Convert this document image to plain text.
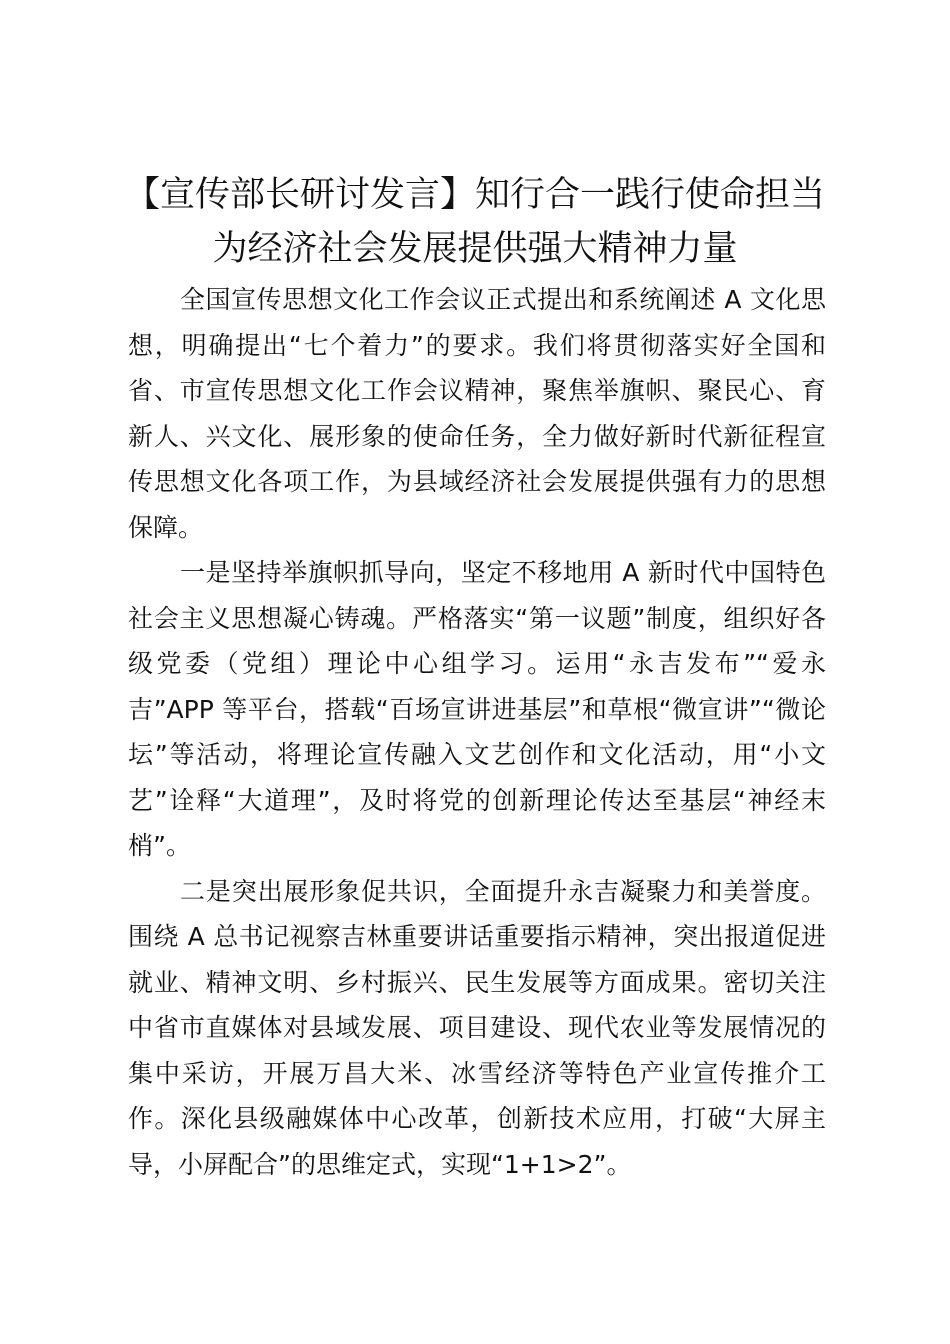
【宣传部长研讨发言】知行合一践行使命担当
为经济社会发展提供强大精神力量

全国宣传思想文化工作会议正式提出和系统阐述 A 文化思想，明确提出“七个着力”的要求。我们将贯彻落实好全国和省、市宣传思想文化工作会议精神，聚焦举旗帜、聚民心、育新人、兴文化、展形象的使命任务，全力做好新时代新征程宣传思想文化各项工作，为县域经济社会发展提供强有力的思想保障。

一是坚持举旗帜抓导向，坚定不移地用 A 新时代中国特色社会主义思想凝心铸魂。严格落实“第一议题”制度，组织好各级党委（党组）理论中心组学习。运用“永吉发布”“爱永吉”APP 等平台，搭载“百场宣讲进基层”和草根“微宣讲”“微论坛”等活动，将理论宣传融入文艺创作和文化活动，用“小文艺”诠释“大道理”，及时将党的创新理论传达至基层“神经末梢”。

二是突出展形象促共识，全面提升永吉凝聚力和美誉度。围绕 A 总书记视察吉林重要讲话重要指示精神，突出报道促进就业、精神文明、乡村振兴、民生发展等方面成果。密切关注中省市直媒体对县域发展、项目建设、现代农业等发展情况的集中采访，开展万昌大米、冰雪经济等特色产业宣传推介工作。深化县级融媒体中心改革，创新技术应用，打破“大屏主导，小屏配合”的思维定式，实现“1+1>2”。
